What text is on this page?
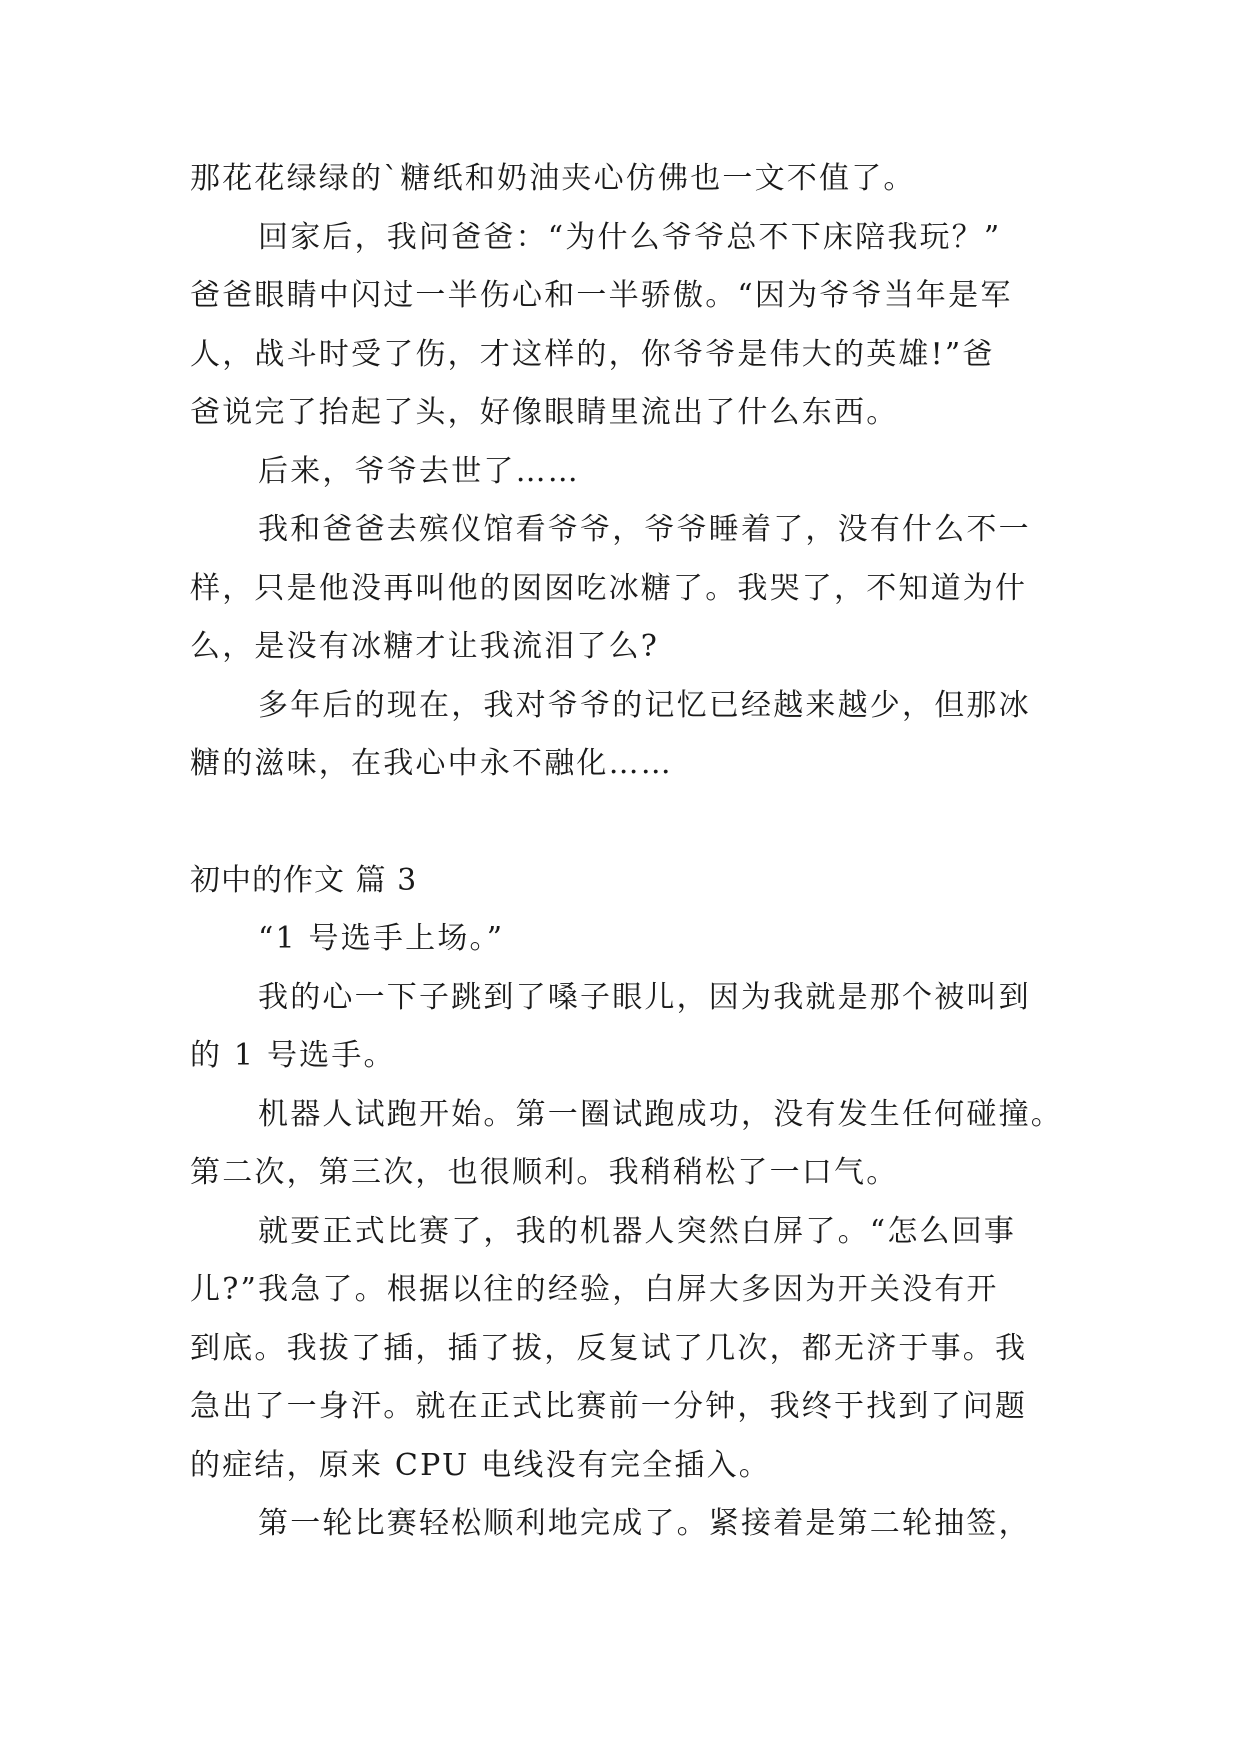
那花花绿绿的`糖纸和奶油夹心仿佛也一文不值了。
回家后，我问爸爸：“为什么爷爷总不下床陪我玩？”
爸爸眼睛中闪过一半伤心和一半骄傲。“因为爷爷当年是军
人，战斗时受了伤，才这样的，你爷爷是伟大的英雄!”爸
爸说完了抬起了头，好像眼睛里流出了什么东西。
后来，爷爷去世了……
我和爸爸去殡仪馆看爷爷，爷爷睡着了，没有什么不一
样，只是他没再叫他的囡囡吃冰糖了。我哭了，不知道为什
么，是没有冰糖才让我流泪了么?
多年后的现在，我对爷爷的记忆已经越来越少，但那冰
糖的滋味，在我心中永不融化……
初中的作文 篇 3
“1 号选手上场。”
我的心一下子跳到了嗓子眼儿，因为我就是那个被叫到
的 1 号选手。
机器人试跑开始。第一圈试跑成功，没有发生任何碰撞。
第二次，第三次，也很顺利。我稍稍松了一口气。
就要正式比赛了，我的机器人突然白屏了。“怎么回事
儿?”我急了。根据以往的经验，白屏大多因为开关没有开
到底。我拔了插，插了拔，反复试了几次，都无济于事。我
急出了一身汗。就在正式比赛前一分钟，我终于找到了问题
的症结，原来 CPU 电线没有完全插入。
第一轮比赛轻松顺利地完成了。紧接着是第二轮抽签，
